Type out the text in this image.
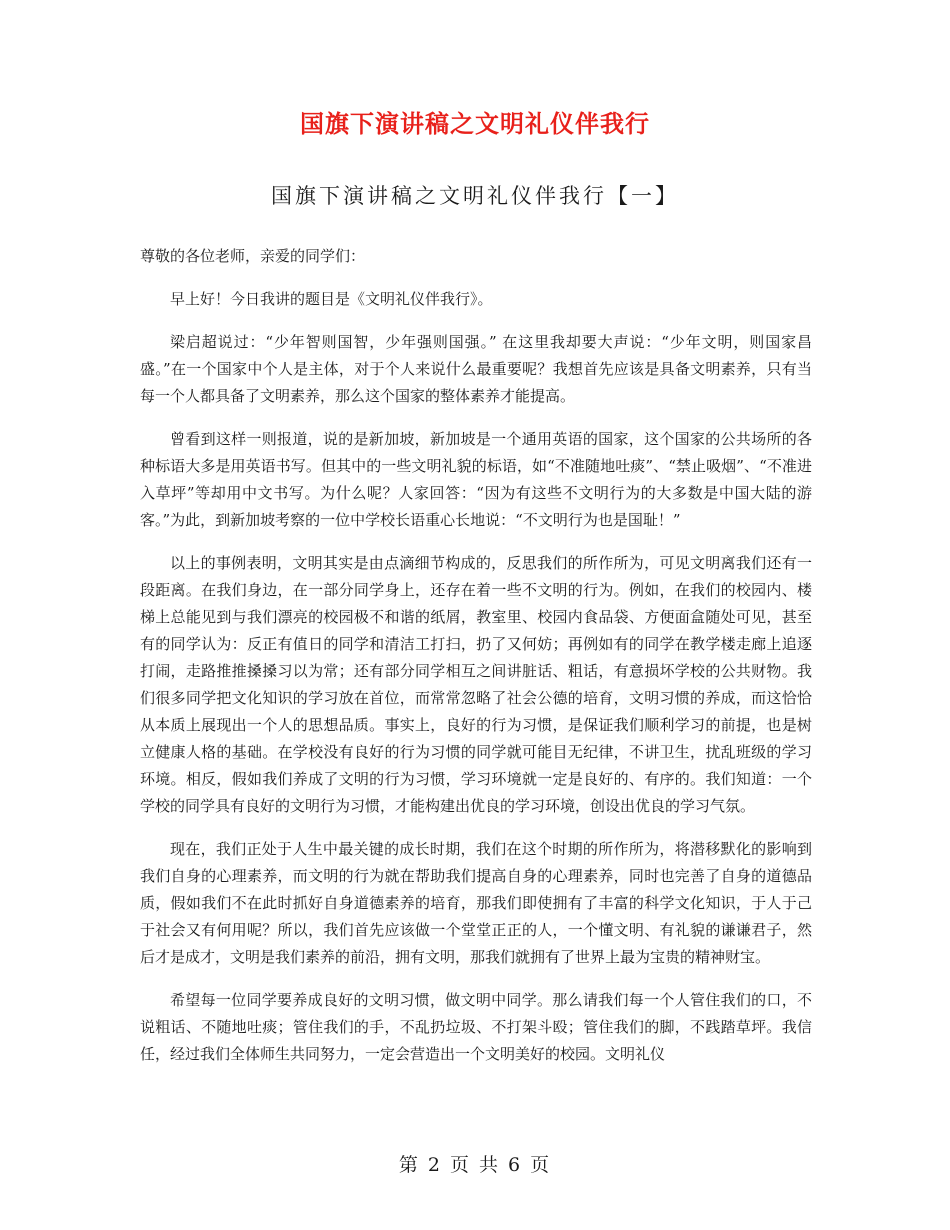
国旗下演讲稿之文明礼仪伴我行
国旗下演讲稿之文明礼仪伴我行【一】

尊敬的各位老师，亲爱的同学们：

早上好！今日我讲的题目是《文明礼仪伴我行》。

梁启超说过：“少年智则国智，少年强则国强。” 在这里我却要大声说：“少年文明，则国家昌盛。”在一个国家中个人是主体，对于个人来说什么最重要呢？我想首先应该是具备文明素养，只有当每一个人都具备了文明素养，那么这个国家的整体素养才能提高。

曾看到这样一则报道，说的是新加坡，新加坡是一个通用英语的国家，这个国家的公共场所的各种标语大多是用英语书写。但其中的一些文明礼貌的标语，如“不准随地吐痰”、“禁止吸烟”、“不准进入草坪”等却用中文书写。为什么呢？人家回答：“因为有这些不文明行为的大多数是中国大陆的游客。”为此，到新加坡考察的一位中学校长语重心长地说：“不文明行为也是国耻！”

以上的事例表明，文明其实是由点滴细节构成的，反思我们的所作所为，可见文明离我们还有一段距离。在我们身边，在一部分同学身上，还存在着一些不文明的行为。例如，在我们的校园内、楼梯上总能见到与我们漂亮的校园极不和谐的纸屑，教室里、校园内食品袋、方便面盒随处可见，甚至有的同学认为：反正有值日的同学和清洁工打扫，扔了又何妨；再例如有的同学在教学楼走廊上追逐打闹，走路推推搡搡习以为常；还有部分同学相互之间讲脏话、粗话，有意损坏学校的公共财物。我们很多同学把文化知识的学习放在首位，而常常忽略了社会公德的培育，文明习惯的养成，而这恰恰从本质上展现出一个人的思想品质。事实上，良好的行为习惯，是保证我们顺利学习的前提，也是树立健康人格的基础。在学校没有良好的行为习惯的同学就可能目无纪律，不讲卫生，扰乱班级的学习环境。相反，假如我们养成了文明的行为习惯，学习环境就一定是良好的、有序的。我们知道：一个学校的同学具有良好的文明行为习惯，才能构建出优良的学习环境，创设出优良的学习气氛。

现在，我们正处于人生中最关键的成长时期，我们在这个时期的所作所为，将潜移默化的影响到我们自身的心理素养，而文明的行为就在帮助我们提高自身的心理素养，同时也完善了自身的道德品质，假如我们不在此时抓好自身道德素养的培育，那我们即使拥有了丰富的科学文化知识，于人于己于社会又有何用呢？所以，我们首先应该做一个堂堂正正的人，一个懂文明、有礼貌的谦谦君子，然后才是成才，文明是我们素养的前沿，拥有文明，那我们就拥有了世界上最为宝贵的精神财宝。

希望每一位同学要养成良好的文明习惯，做文明中同学。那么请我们每一个人管住我们的口，不说粗话、不随地吐痰；管住我们的手，不乱扔垃圾、不打架斗殴；管住我们的脚，不践踏草坪。我信任，经过我们全体师生共同努力，一定会营造出一个文明美好的校园。文明礼仪

第 2 页 共 6 页
